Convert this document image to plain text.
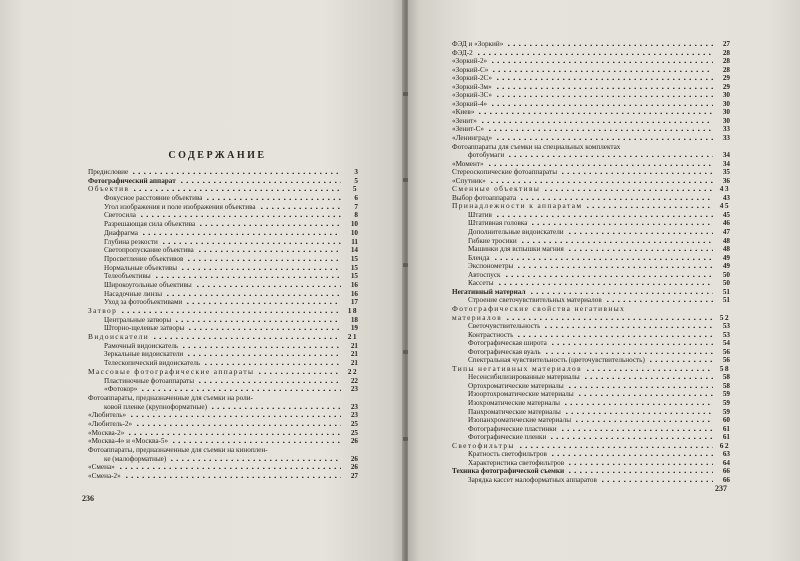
СОДЕРЖАНИЕ
Предисловие	3
Фотографический аппарат	5
Объектив	5
Фокусное расстояние объектива	6
Угол изображения и поле изображения объектива	7
Светосила	8
Разрешающая сила объектива	10
Диафрагма	10
Глубина резкости	11
Светопропускание объектива	14
Просветление объективов	15
Нормальные объективы	15
Телеобъективы	15
Широкоугольные объективы	16
Насадочные линзы	16
Уход за фотообъективами	17
Затвор	18
Центральные затворы	18
Шторно-щелевые затворы	19
Видоискатели	21
Рамочный видоискатель	21
Зеркальные видоискатели	21
Телескопический видоискатель	21
Массовые фотографические аппараты	22
Пластиночные фотоаппараты	22
«Фотокор»	23
Фотоаппараты, предназначенные для съемки на роли-
ковой пленке (крупноформатные)	23
«Любитель»	23
«Любитель-2»	25
«Москва-2»	25
«Москва-4» и «Москва-5»	26
Фотоаппараты, предназначенные для съемки на киноплен-
ке (малоформатные)	26
«Смена»	26
«Смена-2»	27
236
237
ФЭД и «Зоркий»	27
ФЭД-2	28
«Зоркий-2»	28
«Зоркий-С»	28
«Зоркий-2С»	29
«Зоркий-3м»	29
«Зоркий-3С»	30
«Зоркий-4»	30
«Киев»	30
«Зенит»	30
«Зенит-С»	33
«Ленинград»	33
Фотоаппараты для съемки на специальных комплектах
фотобумаги	34
«Момент»	34
Стереоскопические фотоаппараты	35
«Спутник»	36
Сменные объективы	43
Выбор фотоаппарата	43
Принадлежности к аппаратам	45
Штатив	45
Штативная головка	46
Дополнительные видоискатели	47
Гибкие тросики	48
Машинки для вспышки магния	48
Бленда	49
Экспонометры	49
Автоспуск	50
Кассеты	50
Негативный материал	51
Строение светочувствительных материалов	51
Фотографические свойства негативных
материалов	52
Светочувствительность	53
Контрастность	53
Фотографическая широта	54
Фотографическая вуаль	56
Спектральная чувствительность (цветочувствительность)	56
Типы негативных материалов	58
Несенсибилизированные материалы	58
Ортохроматические материалы	58
Изоортохроматические материалы	59
Изохроматические материалы	59
Панхроматические материалы	59
Изопанхроматические материалы	60
Фотографические пластинки	61
Фотографические пленки	61
Светофильтры	62
Кратность светофильтров	63
Характеристика светофильтров	64
Техника фотографической съемки	66
Зарядка кассет малоформатных аппаратов	66
